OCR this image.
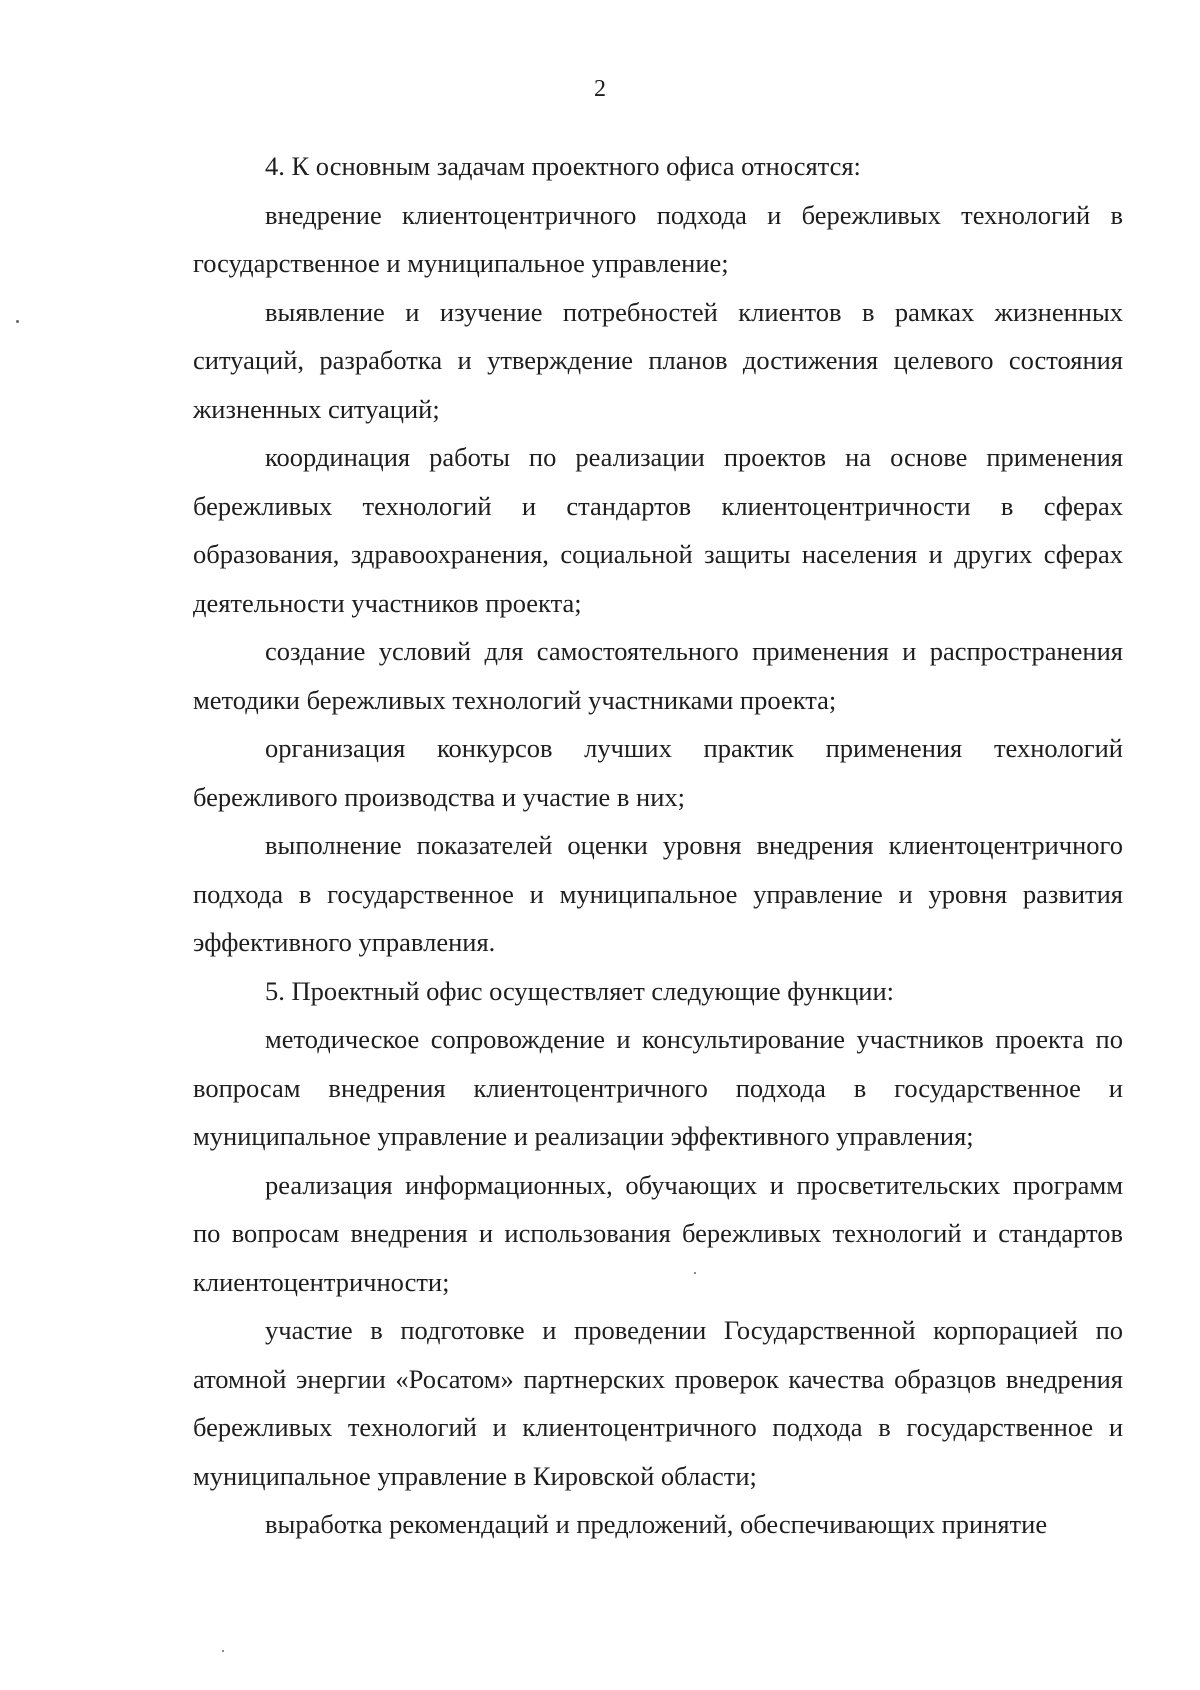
2

4. К основным задачам проектного офиса относятся:

внедрение клиентоцентричного подхода и бережливых технологий в государственное и муниципальное управление;

выявление и изучение потребностей клиентов в рамках жизненных ситуаций, разработка и утверждение планов достижения целевого состояния жизненных ситуаций;

координация работы по реализации проектов на основе применения бережливых технологий и стандартов клиентоцентричности в сферах образования, здравоохранения, социальной защиты населения и других сферах деятельности участников проекта;

создание условий для самостоятельного применения и распространения методики бережливых технологий участниками проекта;

организация конкурсов лучших практик применения технологий бережливого производства и участие в них;

выполнение показателей оценки уровня внедрения клиентоцентричного подхода в государственное и муниципальное управление и уровня развития эффективного управления.

5. Проектный офис осуществляет следующие функции:

методическое сопровождение и консультирование участников проекта по вопросам внедрения клиентоцентричного подхода в государственное и муниципальное управление и реализации эффективного управления;

реализация информационных, обучающих и просветительских программ по вопросам внедрения и использования бережливых технологий и стандартов клиентоцентричности;

участие в подготовке и проведении Государственной корпорацией по атомной энергии «Росатом» партнерских проверок качества образцов внедрения бережливых технологий и клиентоцентричного подхода в государственное и муниципальное управление в Кировской области;

выработка рекомендаций и предложений, обеспечивающих принятие
